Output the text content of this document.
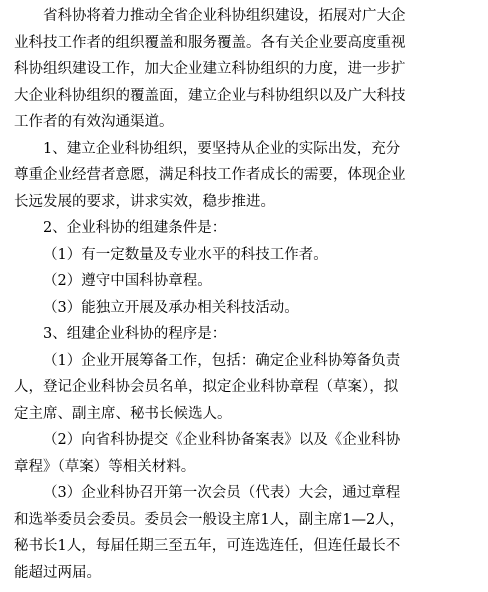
省科协将着力推动全省企业科协组织建设，拓展对广大企
业科技工作者的组织覆盖和服务覆盖。各有关企业要高度重视
科协组织建设工作，加大企业建立科协组织的力度，进一步扩
大企业科协组织的覆盖面，建立企业与科协组织以及广大科技
工作者的有效沟通渠道。
1、建立企业科协组织，要坚持从企业的实际出发，充分
尊重企业经营者意愿，满足科技工作者成长的需要，体现企业
长远发展的要求，讲求实效，稳步推进。
2、企业科协的组建条件是：
（1）有一定数量及专业水平的科技工作者。
（2）遵守中国科协章程。
（3）能独立开展及承办相关科技活动。
3、组建企业科协的程序是：
（1）企业开展筹备工作，包括：确定企业科协筹备负责
人，登记企业科协会员名单，拟定企业科协章程（草案），拟
定主席、副主席、秘书长候选人。
（2）向省科协提交《企业科协备案表》以及《企业科协
章程》（草案）等相关材料。
（3）企业科协召开第一次会员（代表）大会，通过章程
和选举委员会委员。委员会一般设主席1人，副主席1—2人，
秘书长1人，每届任期三至五年，可连选连任，但连任最长不
能超过两届。
